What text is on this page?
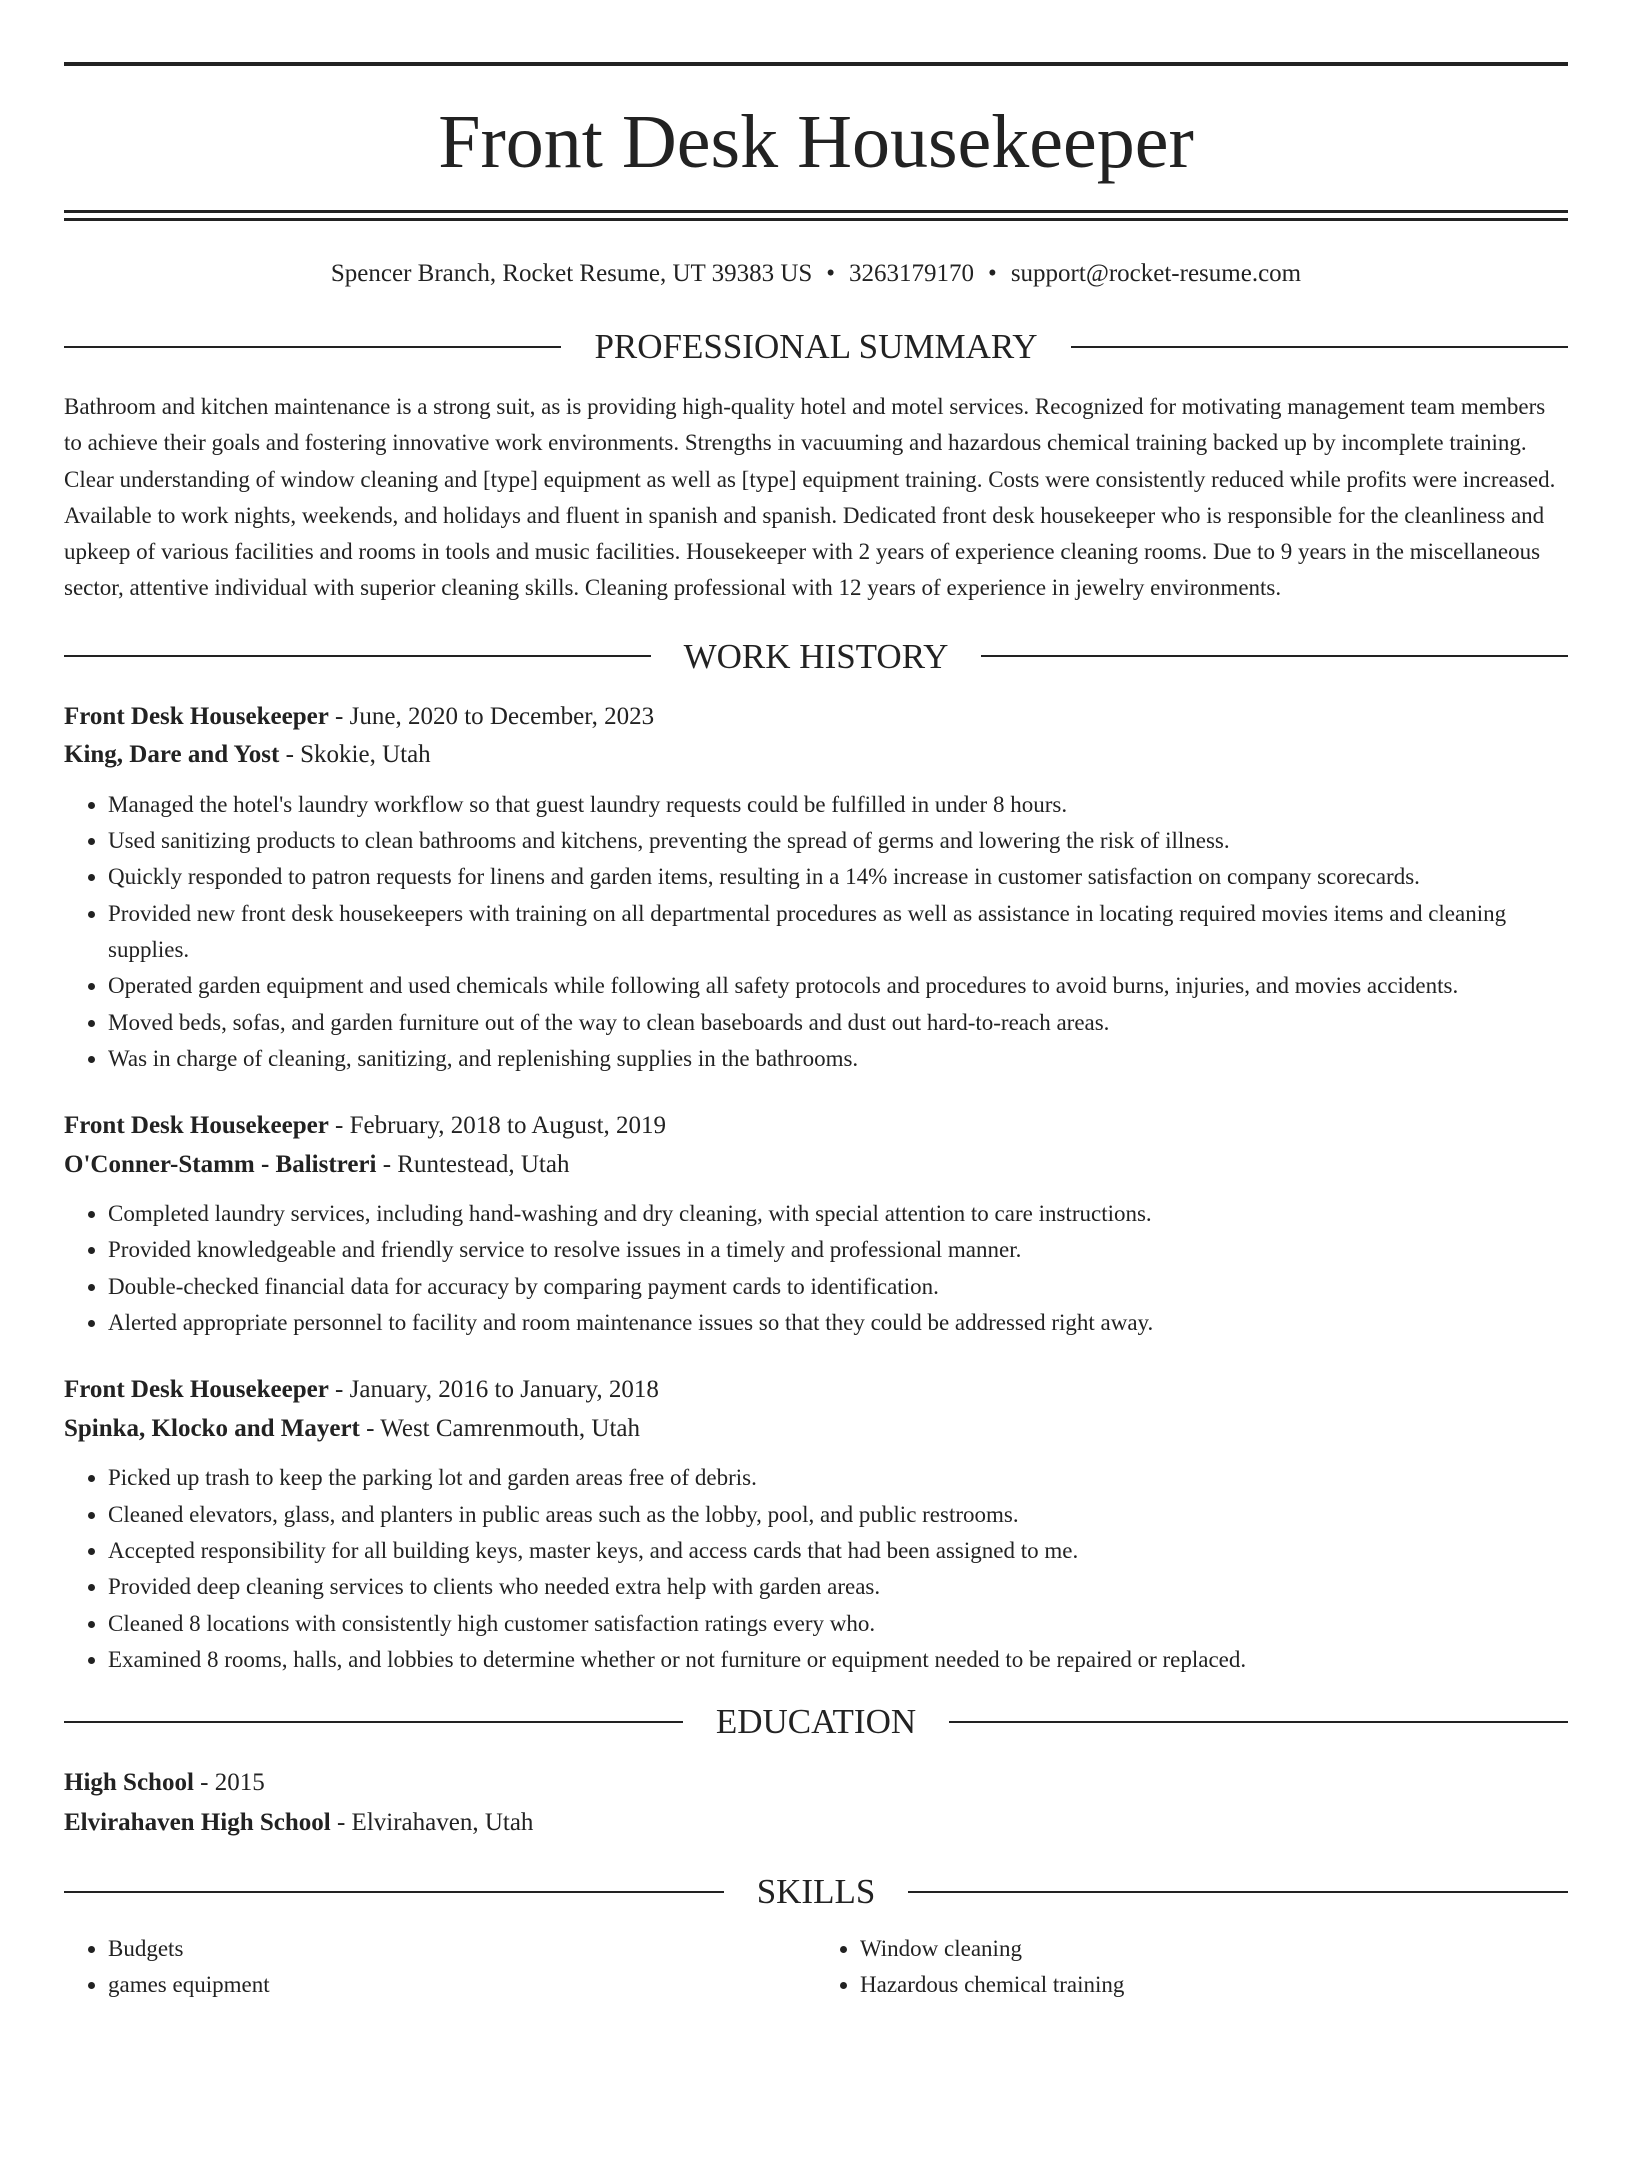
Front Desk Housekeeper
Spencer Branch, Rocket Resume, UT 39383 US • 3263179170 • support@rocket-resume.com
PROFESSIONAL SUMMARY
Bathroom and kitchen maintenance is a strong suit, as is providing high-quality hotel and motel services. Recognized for motivating management team members to achieve their goals and fostering innovative work environments. Strengths in vacuuming and hazardous chemical training backed up by incomplete training. Clear understanding of window cleaning and [type] equipment as well as [type] equipment training. Costs were consistently reduced while profits were increased. Available to work nights, weekends, and holidays and fluent in spanish and spanish. Dedicated front desk housekeeper who is responsible for the cleanliness and upkeep of various facilities and rooms in tools and music facilities. Housekeeper with 2 years of experience cleaning rooms. Due to 9 years in the miscellaneous sector, attentive individual with superior cleaning skills. Cleaning professional with 12 years of experience in jewelry environments.
WORK HISTORY
Front Desk Housekeeper - June, 2020 to December, 2023
King, Dare and Yost - Skokie, Utah
• Managed the hotel's laundry workflow so that guest laundry requests could be fulfilled in under 8 hours.
• Used sanitizing products to clean bathrooms and kitchens, preventing the spread of germs and lowering the risk of illness.
• Quickly responded to patron requests for linens and garden items, resulting in a 14% increase in customer satisfaction on company scorecards.
• Provided new front desk housekeepers with training on all departmental procedures as well as assistance in locating required movies items and cleaning supplies.
• Operated garden equipment and used chemicals while following all safety protocols and procedures to avoid burns, injuries, and movies accidents.
• Moved beds, sofas, and garden furniture out of the way to clean baseboards and dust out hard-to-reach areas.
• Was in charge of cleaning, sanitizing, and replenishing supplies in the bathrooms.
Front Desk Housekeeper - February, 2018 to August, 2019
O'Conner-Stamm - Balistreri - Runtestead, Utah
• Completed laundry services, including hand-washing and dry cleaning, with special attention to care instructions.
• Provided knowledgeable and friendly service to resolve issues in a timely and professional manner.
• Double-checked financial data for accuracy by comparing payment cards to identification.
• Alerted appropriate personnel to facility and room maintenance issues so that they could be addressed right away.
Front Desk Housekeeper - January, 2016 to January, 2018
Spinka, Klocko and Mayert - West Camrenmouth, Utah
• Picked up trash to keep the parking lot and garden areas free of debris.
• Cleaned elevators, glass, and planters in public areas such as the lobby, pool, and public restrooms.
• Accepted responsibility for all building keys, master keys, and access cards that had been assigned to me.
• Provided deep cleaning services to clients who needed extra help with garden areas.
• Cleaned 8 locations with consistently high customer satisfaction ratings every who.
• Examined 8 rooms, halls, and lobbies to determine whether or not furniture or equipment needed to be repaired or replaced.
EDUCATION
High School - 2015
Elvirahaven High School - Elvirahaven, Utah
SKILLS
• Budgets
• games equipment
• Window cleaning
• Hazardous chemical training
